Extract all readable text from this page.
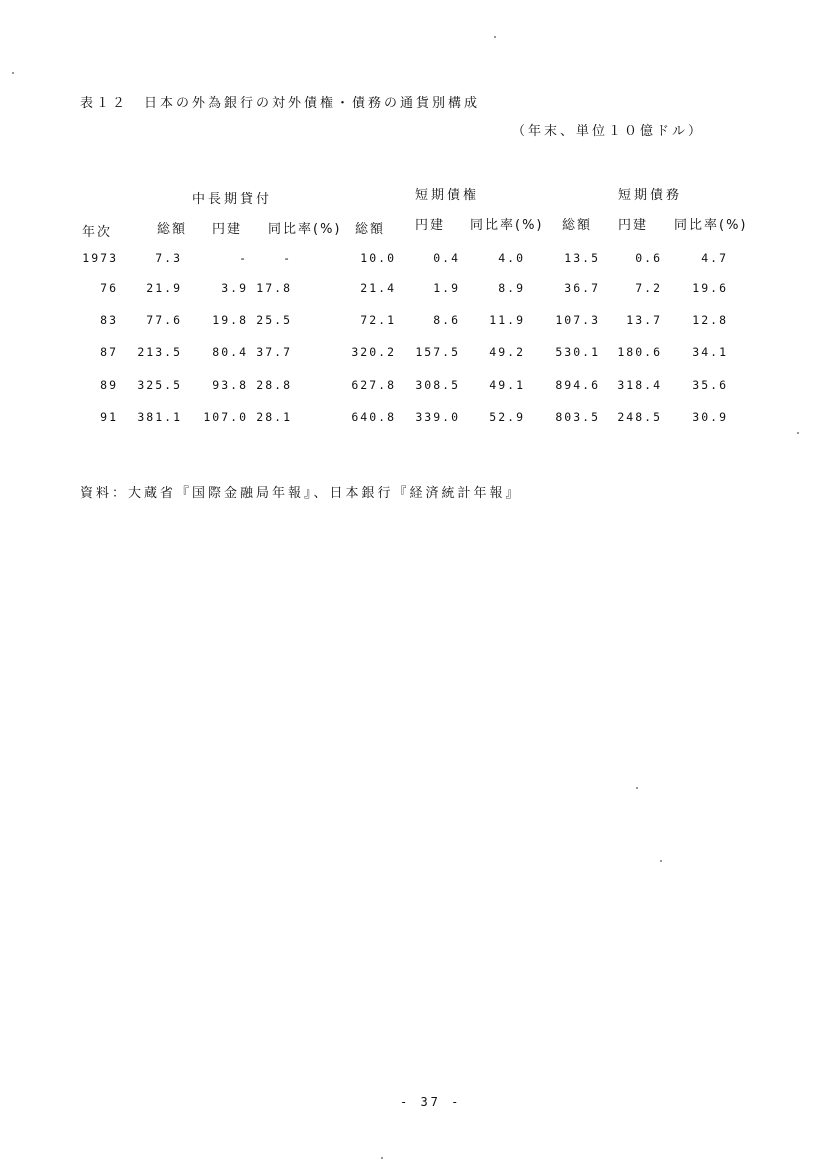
表１２　日本の外為銀行の対外債権・債務の通貨別構成
（年末、単位１０億ドル）
中長期貸付	短期債権	短期債務
年次	総額 円建 同比率(%) 総額 円建 同比率(%) 総額 円建 同比率(%)
1973	7.3	-	-	10.0	0.4	4.0	13.5	0.6	4.7
76 21.9	3.9 17.8	21.4	1.9	8.9	36.7	7.2	19.6
83 77.6	19.8 25.5	72.1	8.6	11.9	107.3 13.7	12.8
87 213.5	80.4 37.7	320.2 157.5	49.2	530.1 180.6	34.1
89 325.5	93.8 28.8	627.8 308.5	49.1	894.6 318.4	35.6
91 381.1 107.0 28.1	640.8 339.0	52.9	803.5 248.5	30.9
資料：大蔵省『国際金融局年報』、日本銀行『経済統計年報』
- 37 -
